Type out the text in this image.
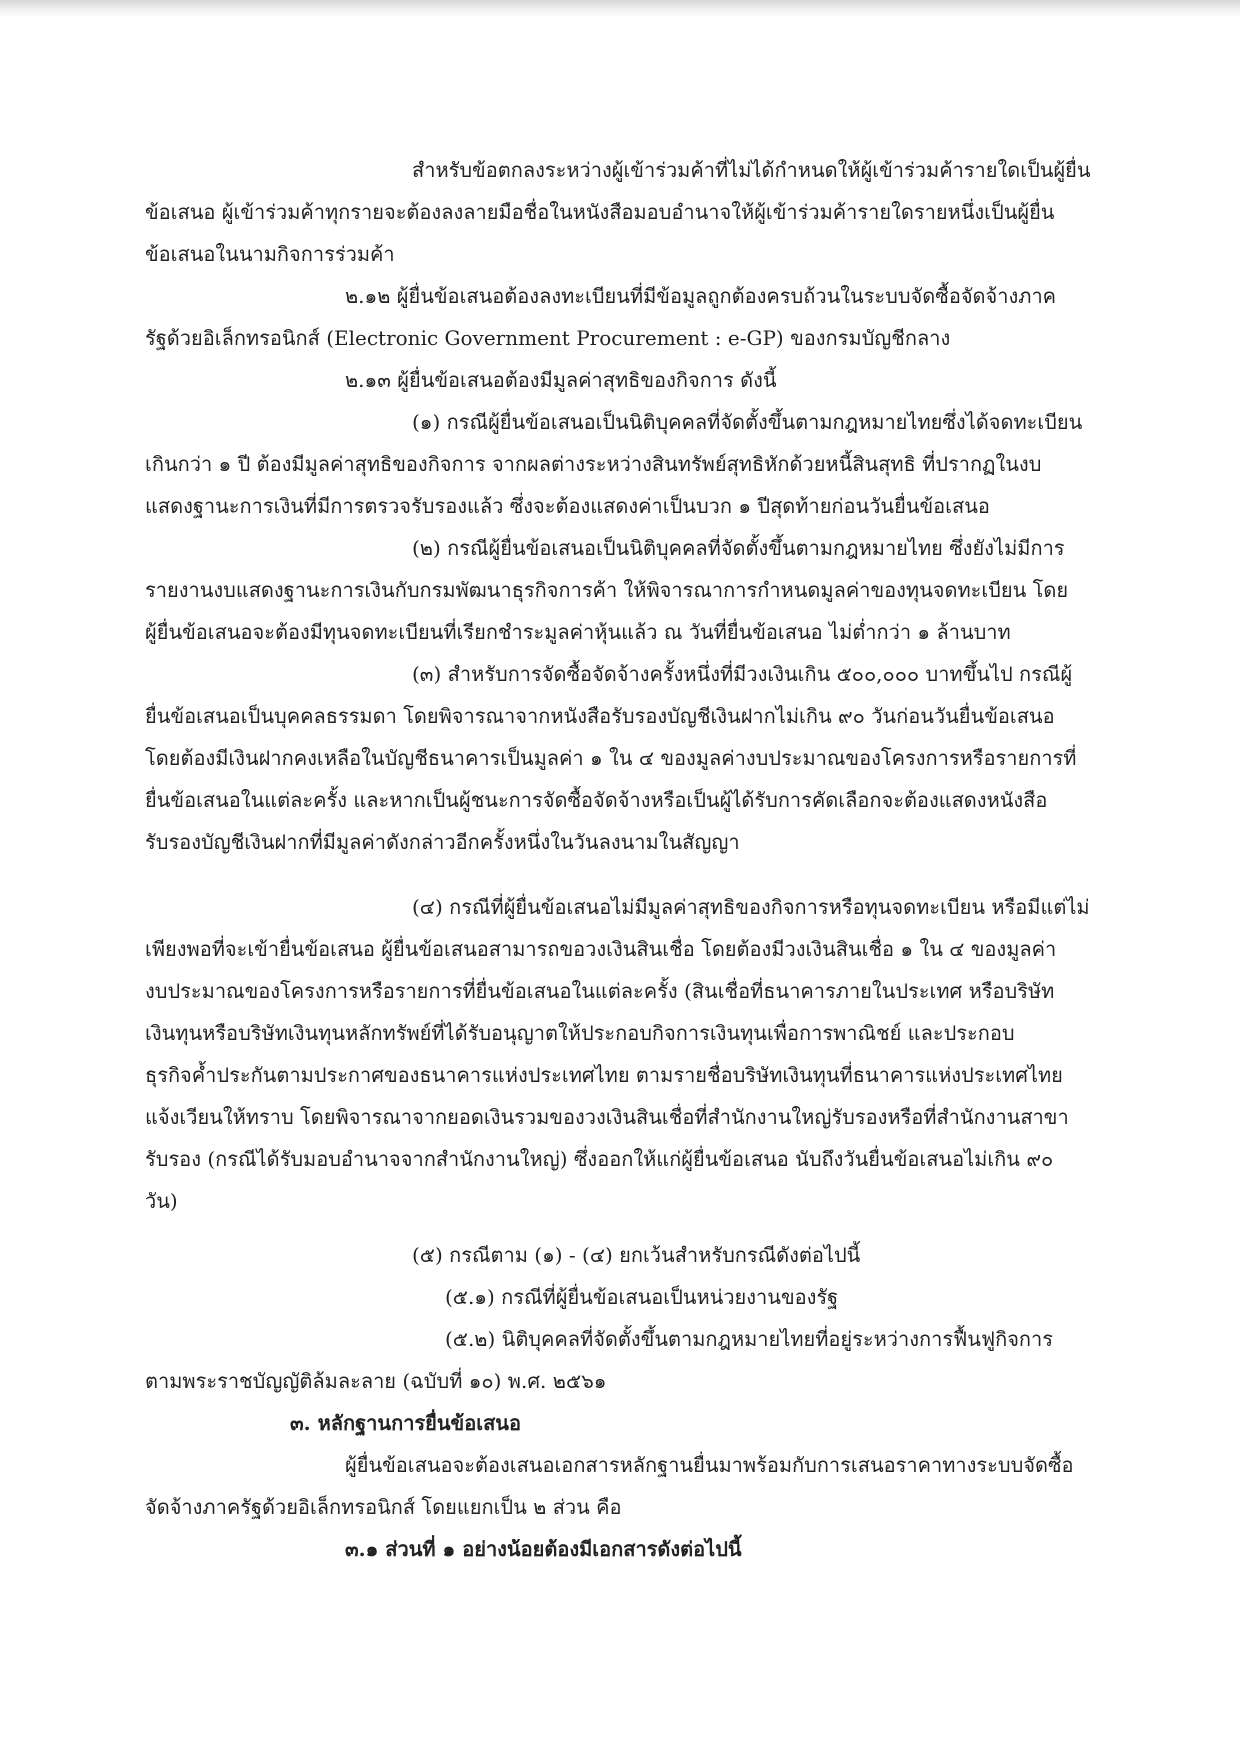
สำหรับข้อตกลงระหว่างผู้เข้าร่วมค้าที่ไม่ได้กำหนดให้ผู้เข้าร่วมค้ารายใดเป็นผู้ยื่น
ข้อเสนอ ผู้เข้าร่วมค้าทุกรายจะต้องลงลายมือชื่อในหนังสือมอบอำนาจให้ผู้เข้าร่วมค้ารายใดรายหนึ่งเป็นผู้ยื่น
ข้อเสนอในนามกิจการร่วมค้า
๒.๑๒ ผู้ยื่นข้อเสนอต้องลงทะเบียนที่มีข้อมูลถูกต้องครบถ้วนในระบบจัดซื้อจัดจ้างภาค
รัฐด้วยอิเล็กทรอนิกส์ (Electronic Government Procurement : e-GP) ของกรมบัญชีกลาง
๒.๑๓ ผู้ยื่นข้อเสนอต้องมีมูลค่าสุทธิของกิจการ ดังนี้
(๑) กรณีผู้ยื่นข้อเสนอเป็นนิติบุคคลที่จัดตั้งขึ้นตามกฎหมายไทยซึ่งได้จดทะเบียน
เกินกว่า ๑ ปี ต้องมีมูลค่าสุทธิของกิจการ จากผลต่างระหว่างสินทรัพย์สุทธิหักด้วยหนี้สินสุทธิ ที่ปรากฏในงบ
แสดงฐานะการเงินที่มีการตรวจรับรองแล้ว ซึ่งจะต้องแสดงค่าเป็นบวก ๑ ปีสุดท้ายก่อนวันยื่นข้อเสนอ
(๒) กรณีผู้ยื่นข้อเสนอเป็นนิติบุคคลที่จัดตั้งขึ้นตามกฎหมายไทย ซึ่งยังไม่มีการ
รายงานงบแสดงฐานะการเงินกับกรมพัฒนาธุรกิจการค้า ให้พิจารณาการกำหนดมูลค่าของทุนจดทะเบียน โดย
ผู้ยื่นข้อเสนอจะต้องมีทุนจดทะเบียนที่เรียกชำระมูลค่าหุ้นแล้ว ณ วันที่ยื่นข้อเสนอ ไม่ต่ำกว่า ๑ ล้านบาท
(๓) สำหรับการจัดซื้อจัดจ้างครั้งหนึ่งที่มีวงเงินเกิน ๕๐๐,๐๐๐ บาทขึ้นไป กรณีผู้
ยื่นข้อเสนอเป็นบุคคลธรรมดา โดยพิจารณาจากหนังสือรับรองบัญชีเงินฝากไม่เกิน ๙๐ วันก่อนวันยื่นข้อเสนอ
โดยต้องมีเงินฝากคงเหลือในบัญชีธนาคารเป็นมูลค่า ๑ ใน ๔ ของมูลค่างบประมาณของโครงการหรือรายการที่
ยื่นข้อเสนอในแต่ละครั้ง และหากเป็นผู้ชนะการจัดซื้อจัดจ้างหรือเป็นผู้ได้รับการคัดเลือกจะต้องแสดงหนังสือ
รับรองบัญชีเงินฝากที่มีมูลค่าดังกล่าวอีกครั้งหนึ่งในวันลงนามในสัญญา
(๔) กรณีที่ผู้ยื่นข้อเสนอไม่มีมูลค่าสุทธิของกิจการหรือทุนจดทะเบียน หรือมีแต่ไม่
เพียงพอที่จะเข้ายื่นข้อเสนอ ผู้ยื่นข้อเสนอสามารถขอวงเงินสินเชื่อ โดยต้องมีวงเงินสินเชื่อ ๑ ใน ๔ ของมูลค่า
งบประมาณของโครงการหรือรายการที่ยื่นข้อเสนอในแต่ละครั้ง (สินเชื่อที่ธนาคารภายในประเทศ หรือบริษัท
เงินทุนหรือบริษัทเงินทุนหลักทรัพย์ที่ได้รับอนุญาตให้ประกอบกิจการเงินทุนเพื่อการพาณิชย์ และประกอบ
ธุรกิจค้ำประกันตามประกาศของธนาคารแห่งประเทศไทย ตามรายชื่อบริษัทเงินทุนที่ธนาคารแห่งประเทศไทย
แจ้งเวียนให้ทราบ โดยพิจารณาจากยอดเงินรวมของวงเงินสินเชื่อที่สำนักงานใหญ่รับรองหรือที่สำนักงานสาขา
รับรอง (กรณีได้รับมอบอำนาจจากสำนักงานใหญ่) ซึ่งออกให้แก่ผู้ยื่นข้อเสนอ นับถึงวันยื่นข้อเสนอไม่เกิน ๙๐
วัน)
(๕) กรณีตาม (๑) - (๔) ยกเว้นสำหรับกรณีดังต่อไปนี้
(๕.๑) กรณีที่ผู้ยื่นข้อเสนอเป็นหน่วยงานของรัฐ
(๕.๒) นิติบุคคลที่จัดตั้งขึ้นตามกฎหมายไทยที่อยู่ระหว่างการฟื้นฟูกิจการ
ตามพระราชบัญญัติล้มละลาย (ฉบับที่ ๑๐) พ.ศ. ๒๕๖๑
๓. หลักฐานการยื่นข้อเสนอ
ผู้ยื่นข้อเสนอจะต้องเสนอเอกสารหลักฐานยื่นมาพร้อมกับการเสนอราคาทางระบบจัดซื้อ
จัดจ้างภาครัฐด้วยอิเล็กทรอนิกส์ โดยแยกเป็น ๒ ส่วน คือ
๓.๑ ส่วนที่ ๑ อย่างน้อยต้องมีเอกสารดังต่อไปนี้
